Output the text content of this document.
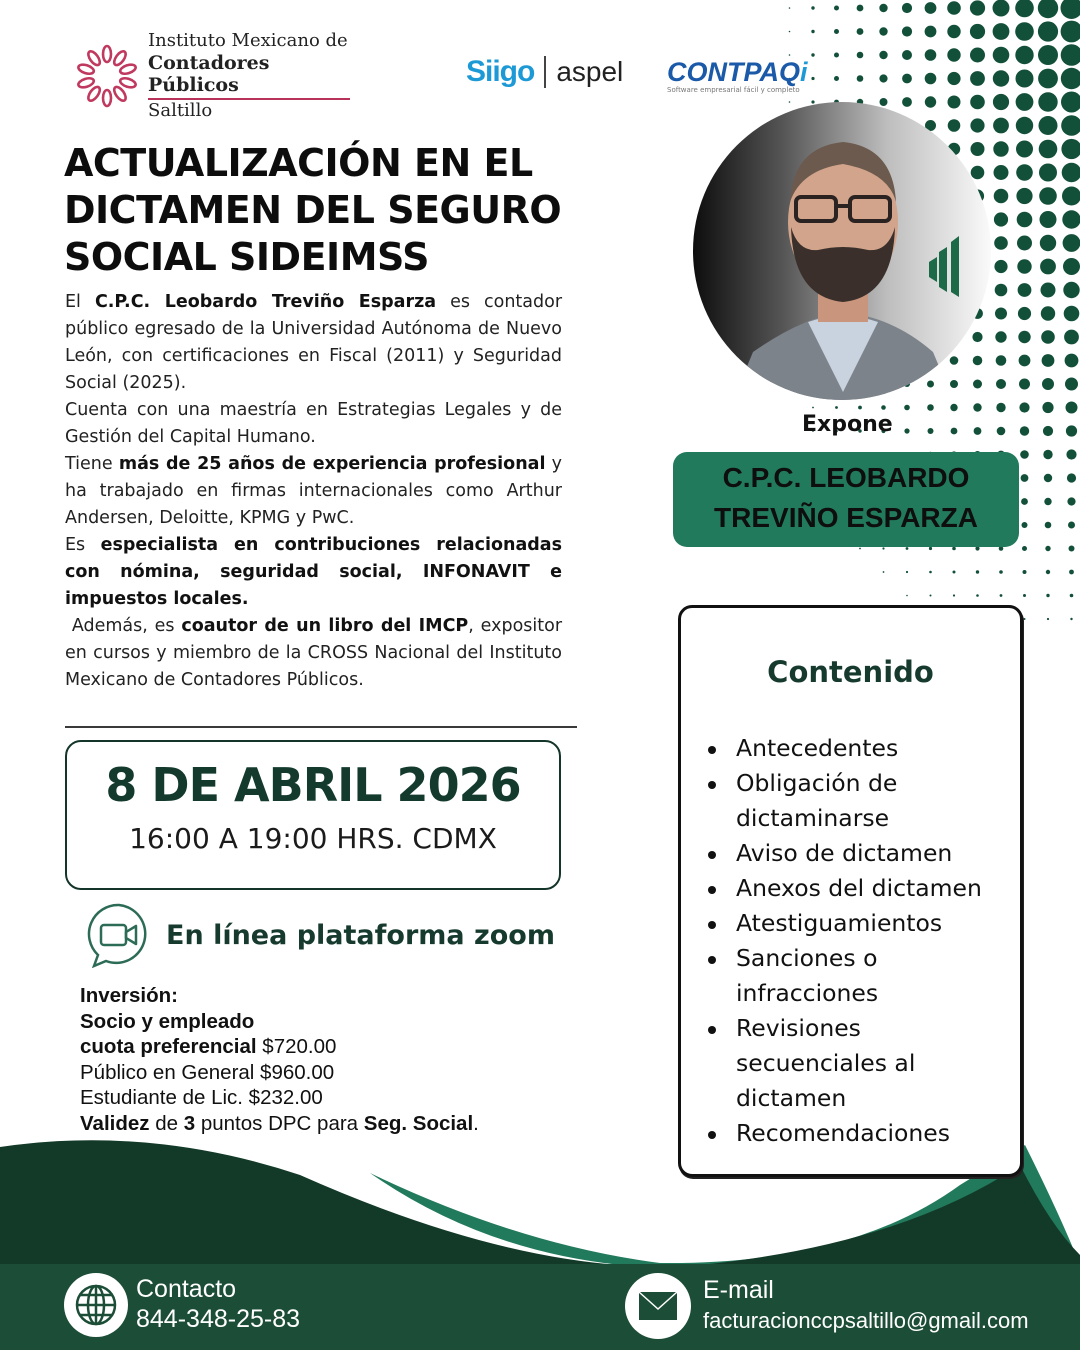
Instituto Mexicano de
Contadores Públicos
Saltillo
Siigo aspel CONTPAQi
Software empresarial fácil y completo
ACTUALIZACIÓN EN EL
DICTAMEN DEL SEGURO
SOCIAL SIDEIMSS

El C.P.C. Leobardo Treviño Esparza es contador público egresado de la Universidad Autónoma de Nuevo León, con certificaciones en Fiscal (2011) y Seguridad Social (2025).

Cuenta con una maestría en Estrategias Legales y de Gestión del Capital Humano.

Tiene más de 25 años de experiencia profesional y ha trabajado en firmas internacionales como Arthur Andersen, Deloitte, KPMG y PwC.

Es especialista en contribuciones relacionadas con nómina, seguridad social, INFONAVIT e impuestos locales.

Además, es coautor de un libro del IMCP, expositor en cursos y miembro de la CROSS Nacional del Instituto Mexicano de Contadores Públicos.

8 DE ABRIL 2026
16:00 A 19:00 HRS. CDMX
En línea plataforma zoom
Inversión:
Socio y empleado
cuota preferencial $720.00
Público en General $960.00
Estudiante de Lic. $232.00
Validez de 3 puntos DPC para Seg. Social.
Expone
C.P.C. LEOBARDO
TREVIÑO ESPARZA
Contenido
Antecedentes
Obligación de dictaminarse
Aviso de dictamen
Anexos del dictamen
Atestiguamientos
Sanciones o infracciones
Revisiones secuenciales al dictamen
Recomendaciones
Contacto
844-348-25-83
E-mail
facturacionccpsaltillo@gmail.com
